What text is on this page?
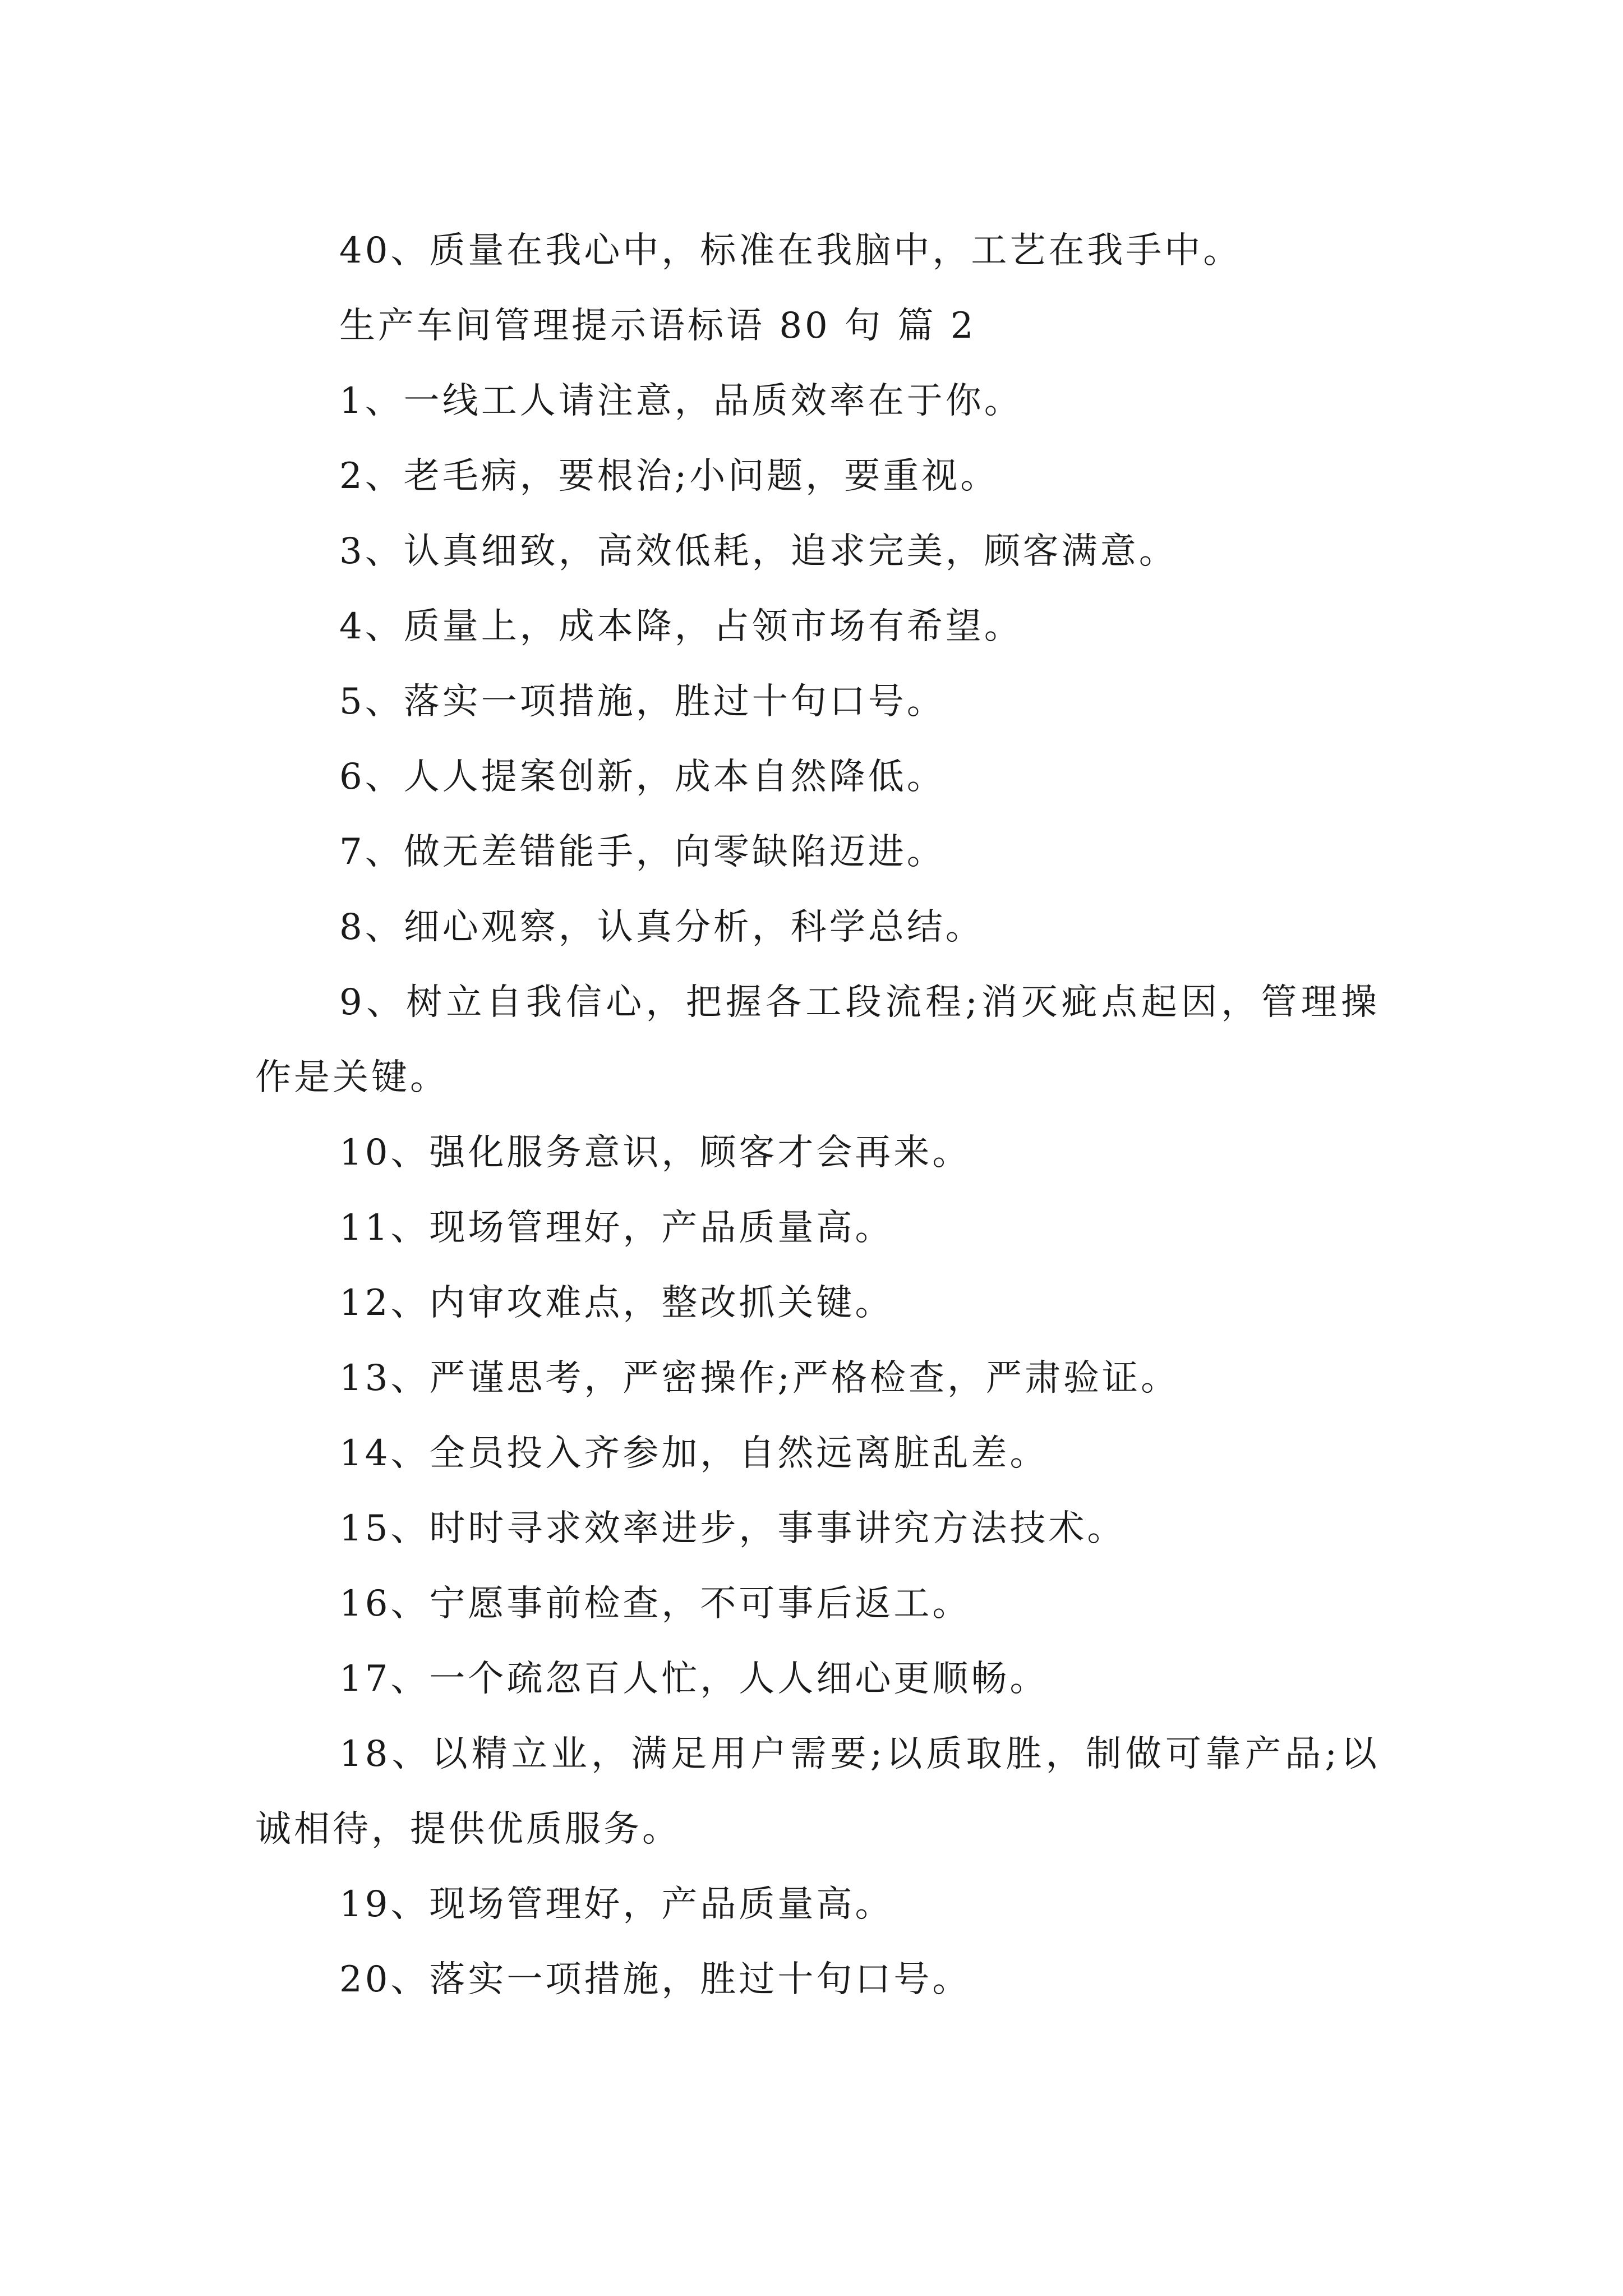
40、质量在我心中，标准在我脑中，工艺在我手中。

生产车间管理提示语标语 80 句 篇 2

1、一线工人请注意，品质效率在于你。

2、老毛病，要根治;小问题，要重视。

3、认真细致，高效低耗，追求完美，顾客满意。

4、质量上，成本降，占领市场有希望。

5、落实一项措施，胜过十句口号。

6、人人提案创新，成本自然降低。

7、做无差错能手，向零缺陷迈进。

8、细心观察，认真分析，科学总结。

9、树立自我信心，把握各工段流程;消灭疵点起因，管理操作是关键。

10、强化服务意识，顾客才会再来。

11、现场管理好，产品质量高。

12、内审攻难点，整改抓关键。

13、严谨思考，严密操作;严格检查，严肃验证。

14、全员投入齐参加，自然远离脏乱差。

15、时时寻求效率进步，事事讲究方法技术。

16、宁愿事前检查，不可事后返工。

17、一个疏忽百人忙，人人细心更顺畅。

18、以精立业，满足用户需要;以质取胜，制做可靠产品;以诚相待，提供优质服务。

19、现场管理好，产品质量高。

20、落实一项措施，胜过十句口号。
